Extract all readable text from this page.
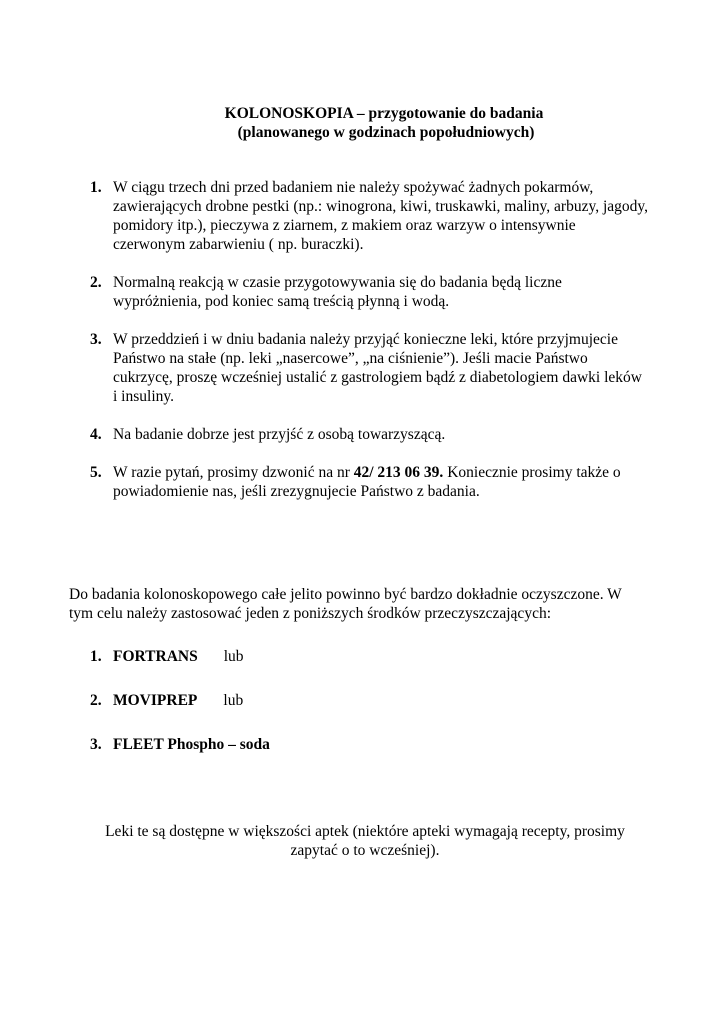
KOLONOSKOPIA – przygotowanie do badania
(planowanego w godzinach popołudniowych)
1. W ciągu trzech dni przed badaniem nie należy spożywać żadnych pokarmów, zawierających drobne pestki (np.: winogrona, kiwi, truskawki, maliny, arbuzy, jagody, pomidory itp.), pieczywa z ziarnem, z makiem oraz warzyw o intensywnie czerwonym zabarwieniu ( np. buraczki).
2. Normalną reakcją w czasie przygotowywania się do badania będą liczne wypróżnienia, pod koniec samą treścią płynną i wodą.
3. W przeddzień i w dniu badania należy przyjąć konieczne leki, które przyjmujecie Państwo na stałe (np. leki „nasercowe”, „na ciśnienie”). Jeśli macie Państwo cukrzycę, proszę wcześniej ustalić z gastrologiem bądź z diabetologiem dawki leków i insuliny.
4. Na badanie dobrze jest przyjść z osobą towarzyszącą.
5. W razie pytań, prosimy dzwonić na nr 42/ 213 06 39. Koniecznie prosimy także o powiadomienie nas, jeśli zrezygnujecie Państwo z badania.

Do badania kolonoskopowego całe jelito powinno być bardzo dokładnie oczyszczone. W tym celu należy zastosować jeden z poniższych środków przeczyszczających:

1. FORTRANS lub
2. MOVIPREP lub
3. FLEET Phospho – soda

Leki te są dostępne w większości aptek (niektóre apteki wymagają recepty, prosimy zapytać o to wcześniej).
